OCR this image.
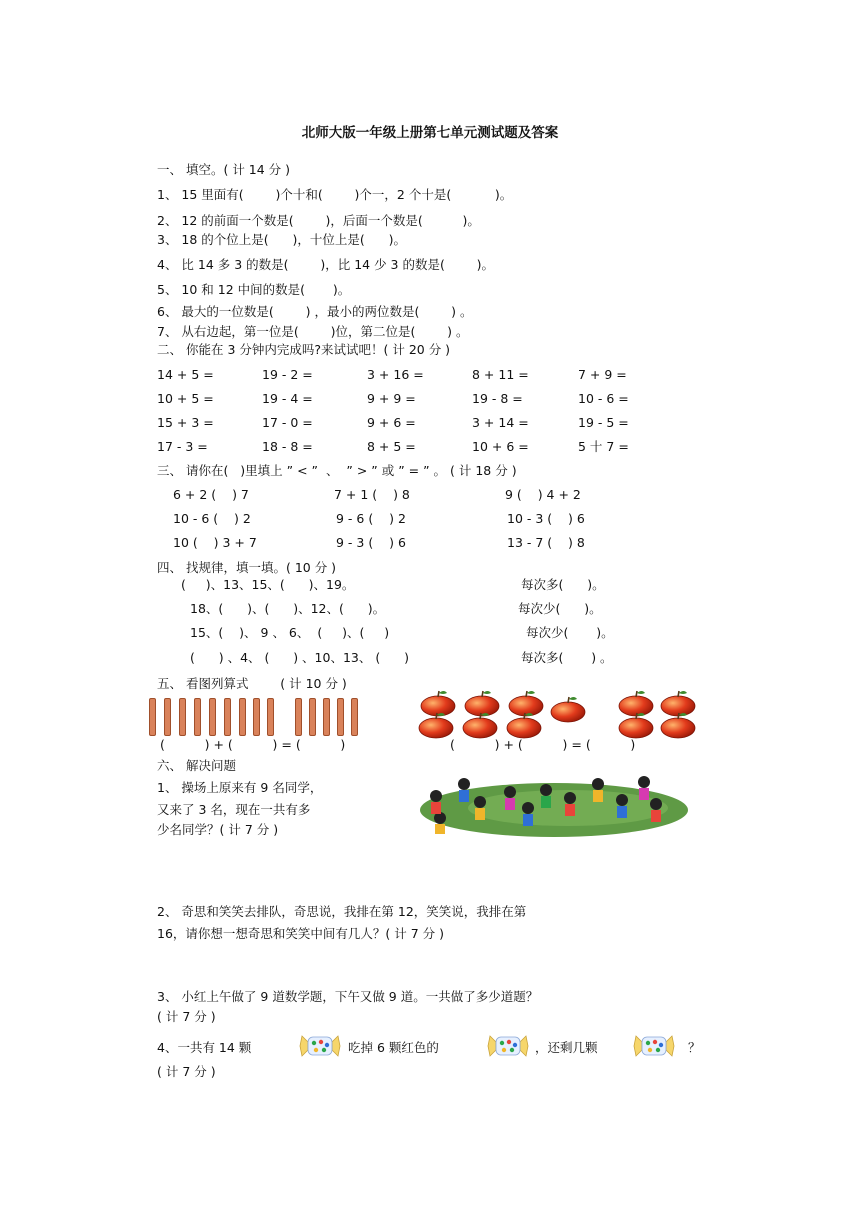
北师大版一年级上册第七单元测试题及答案
一、 填空。( 计 14 分 )
1、 15 里面有(        )个十和(        )个一，2 个十是(           )。
2、 12 的前面一个数是(        )，后面一个数是(          )。
3、 18 的个位上是(      )，十位上是(      )。
4、 比 14 多 3 的数是(        )，比 14 少 3 的数是(        )。
5、 10 和 12 中间的数是(       )。
6、 最大的一位数是(        ) ，最小的两位数是(        ) 。
7、 从右边起，第一位是(        )位，第二位是(        ) 。
二、 你能在 3 分钟内完成吗?来试试吧！( 计 20 分 )
14 + 5 =	19 - 2 =	3 + 16 =	8 + 11 =	7 + 9 =
10 + 5 =	19 - 4 =	9 + 9 =	19 - 8 =	10 - 6 =
15 + 3 =	17 - 0 =	9 + 6 =	3 + 14 =	19 - 5 =
17 - 3 =	18 - 8 =	8 + 5 =	10 + 6 =	5 十 7 =
三、 请你在(   )里填上 ” < ”  、  ” > ” 或 ” = ” 。 ( 计 18 分 )
6 + 2 (    ) 7	7 + 1 (    ) 8	9 (    ) 4 + 2
10 - 6 (    ) 2	9 - 6 (    ) 2	10 - 3 (    ) 6
10 (    ) 3 + 7	9 - 3 (    ) 6	13 - 7 (    ) 8
四、 找规律，填一填。( 10 分 )
(     )、13、15、(      )、19。	每次多(      )。
18、(      )、(      )、12、(      )。	每次少(      )。
15、(    )、 9 、 6、  (     )、(     )	每次少(       )。
(      ) 、4、 (      ) 、10、13、 (      )	每次多(       ) 。
五、 看图列算式        ( 计 10 分 )
(          ) + (          ) = (          )	(          ) + (          ) = (          )
六、 解决问题
1、 操场上原来有 9 名同学，
又来了 3 名，现在一共有多
少名同学？( 计 7 分 )
2、 奇思和笑笑去排队，奇思说，我排在第 12，笑笑说，我排在第
16，请你想一想奇思和笑笑中间有几人？( 计 7 分 )
3、 小红上午做了 9 道数学题，下午又做 9 道。一共做了多少道题？
( 计 7 分 )
4、一共有 14 颗	吃掉 6 颗红色的	，还剩几颗	？
( 计 7 分 )
